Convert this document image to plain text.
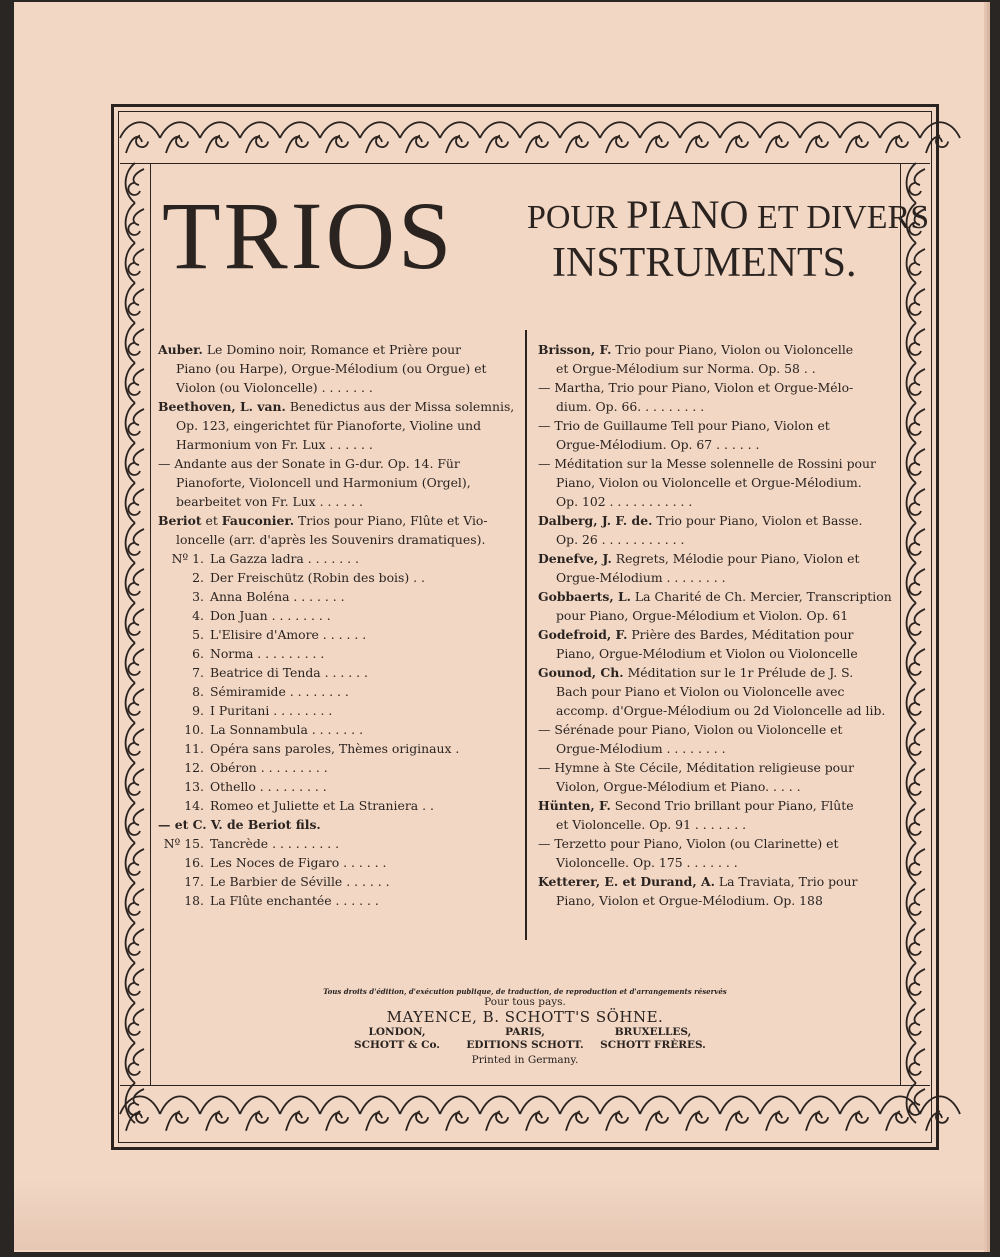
TRIOS POUR PIANO ET DIVERS
INSTRUMENTS.
Auber. Le Domino noir, Romance et Prière pour
Piano (ou Harpe), Orgue-Mélodium (ou Orgue) et
Violon (ou Violoncelle) . . . . . . .
Beethoven, L. van. Benedictus aus der Missa solemnis,
Op. 123, eingerichtet für Pianoforte, Violine und
Harmonium von Fr. Lux . . . . . .
— Andante aus der Sonate in G-dur. Op. 14. Für
Pianoforte, Violoncell und Harmonium (Orgel),
bearbeitet von Fr. Lux . . . . . .
Beriot et Fauconier. Trios pour Piano, Flûte et Vio-
loncelle (arr. d'après les Souvenirs dramatiques).
Nº 1. La Gazza ladra . . . . . . .
2. Der Freischütz (Robin des bois) . .
3. Anna Boléna . . . . . . .
4. Don Juan . . . . . . . .
5. L'Elisire d'Amore . . . . . .
6. Norma . . . . . . . . .
7. Beatrice di Tenda . . . . . .
8. Sémiramide . . . . . . . .
9. I Puritani . . . . . . . .
10. La Sonnambula . . . . . . .
11. Opéra sans paroles, Thèmes originaux .
12. Obéron . . . . . . . . .
13. Othello . . . . . . . . .
14. Romeo et Juliette et La Straniera . .
— et C. V. de Beriot fils.
Nº 15. Tancrède . . . . . . . . .
16. Les Noces de Figaro . . . . . .
17. Le Barbier de Séville . . . . . .
18. La Flûte enchantée . . . . . .
Brisson, F. Trio pour Piano, Violon ou Violoncelle
et Orgue-Mélodium sur Norma. Op. 58 . .
— Martha, Trio pour Piano, Violon et Orgue-Mélo-
dium. Op. 66. . . . . . . . .
— Trio de Guillaume Tell pour Piano, Violon et
Orgue-Mélodium. Op. 67 . . . . . .
— Méditation sur la Messe solennelle de Rossini pour
Piano, Violon ou Violoncelle et Orgue-Mélodium.
Op. 102 . . . . . . . . . . .
Dalberg, J. F. de. Trio pour Piano, Violon et Basse.
Op. 26 . . . . . . . . . . .
Denefve, J. Regrets, Mélodie pour Piano, Violon et
Orgue-Mélodium . . . . . . . .
Gobbaerts, L. La Charité de Ch. Mercier, Transcription
pour Piano, Orgue-Mélodium et Violon. Op. 61
Godefroid, F. Prière des Bardes, Méditation pour
Piano, Orgue-Mélodium et Violon ou Violoncelle
Gounod, Ch. Méditation sur le 1r Prélude de J. S.
Bach pour Piano et Violon ou Violoncelle avec
accomp. d'Orgue-Mélodium ou 2d Violoncelle ad lib.
— Sérénade pour Piano, Violon ou Violoncelle et
Orgue-Mélodium . . . . . . . .
— Hymne à Ste Cécile, Méditation religieuse pour
Violon, Orgue-Mélodium et Piano. . . . .
Hünten, F. Second Trio brillant pour Piano, Flûte
et Violoncelle. Op. 91 . . . . . . .
— Terzetto pour Piano, Violon (ou Clarinette) et
Violoncelle. Op. 175 . . . . . . .
Ketterer, E. et Durand, A. La Traviata, Trio pour
Piano, Violon et Orgue-Mélodium. Op. 188
Tous droits d'édition, d'exécution publique, de traduction, de reproduction et d'arrangements réservés
Pour tous pays.
MAYENCE, B. SCHOTT'S SÖHNE.
LONDON,	PARIS,	BRUXELLES,
SCHOTT & Co.	EDITIONS SCHOTT. SCHOTT FRÈRES.
Printed in Germany.
